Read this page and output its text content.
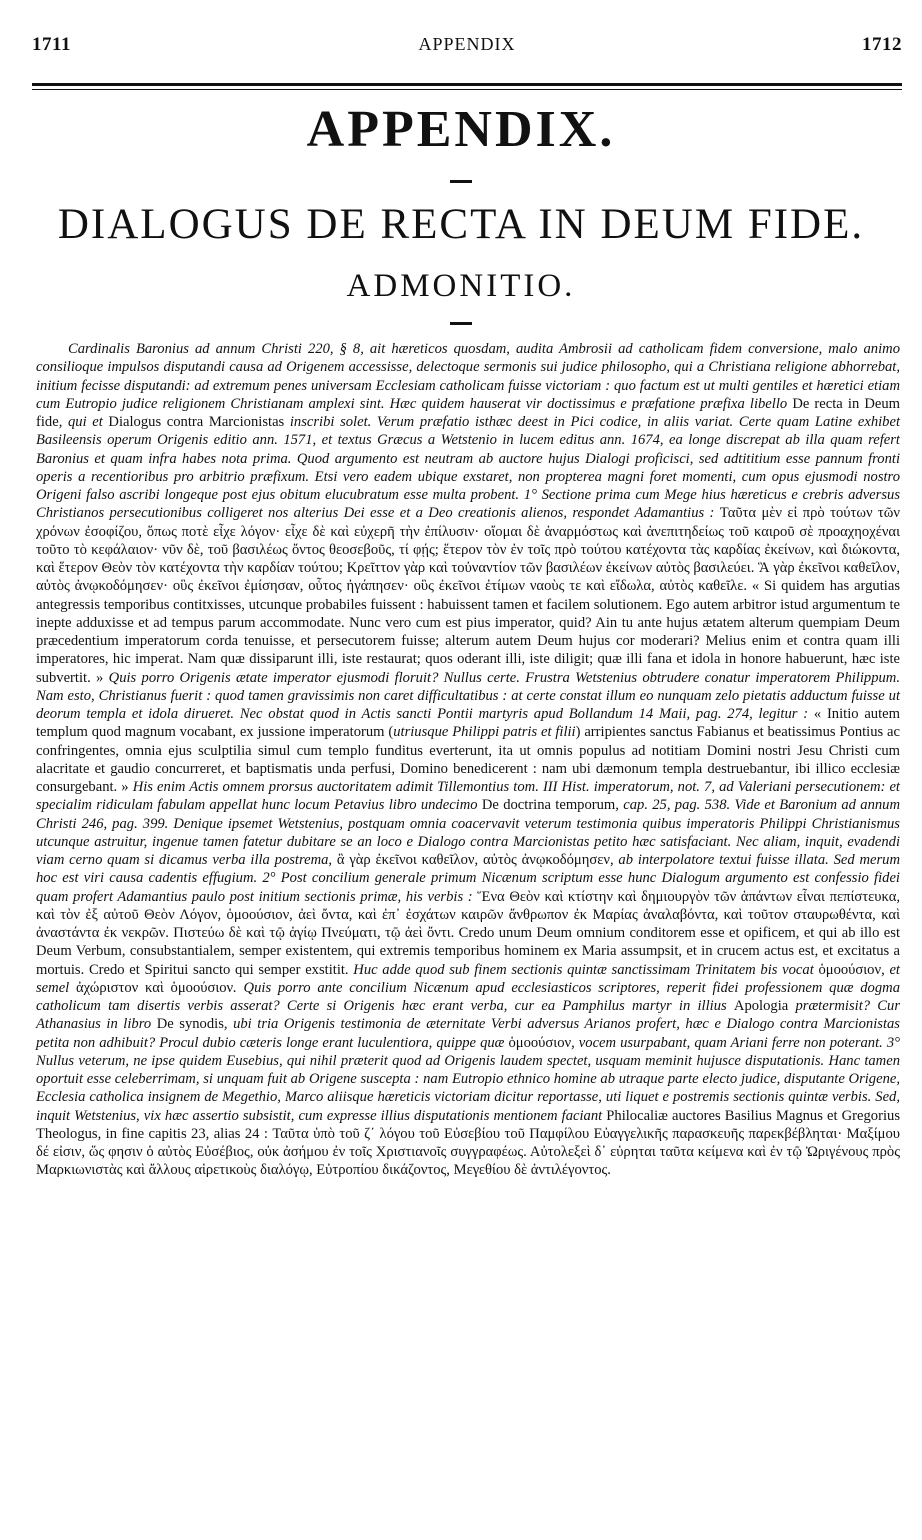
1711	APPENDIX	1712
APPENDIX.
DIALOGUS DE RECTA IN DEUM FIDE.
ADMONITIO.

Cardinalis Baronius ad annum Christi 220, § 8, ait hæreticos quosdam, audita Ambrosii ad catholicam fidem conversione, malo animo consilioque impulsos disputandi causa ad Origenem accessisse, delectoque sermonis sui judice philosopho, qui a Christiana religione abhorrebat, initium fecisse disputandi: ad extremum penes universam Ecclesiam catholicam fuisse victoriam : quo factum est ut multi gentiles et hæretici etiam cum Eutropio judice religionem Christianam amplexi sint. Hæc quidem hauserat vir doctissimus e præfatione præfixa libello De recta in Deum fide, qui et Dialogus contra Marcionistas inscribi solet. Verum præfatio isthæc deest in Pici codice, in aliis variat. Certe quam Latine exhibet Basileensis operum Origenis editio ann. 1571, et textus Græcus a Wetstenio in lucem editus ann. 1674, ea longe discrepat ab illa quam refert Baronius et quam infra habes nota prima. Quod argumento est neutram ab auctore hujus Dialogi proficisci, sed adtititium esse pannum fronti operis a recentioribus pro arbitrio præfixum. Etsi vero eadem ubique exstaret, non propterea magni foret momenti, cum opus ejusmodi nostro Origeni falso ascribi longeque post ejus obitum elucubratum esse multa probent. 1° Sectione prima cum Mege hius hæreticus e crebris adversus Christianos persecutionibus colligeret nos alterius Dei esse et a Deo creationis alienos, respondet Adamantius : Ταῦτα μὲν εἰ πρὸ τούτων τῶν χρόνων ἐσοφίζου, ὅπως ποτὲ εἶχε λόγον· εἶχε δὲ καὶ εὐχερῆ τὴν ἐπίλυσιν· οἴομαι δὲ ἀναρμόστως καὶ ἀνεπιτηδείως τοῦ καιροῦ σὲ προαχηοχέναι τοῦτο τὸ κεφάλαιον· νῦν δὲ, τοῦ βασιλέως ὄντος θεοσεβοῦς, τί φῄς; ἕτερον τὸν ἐν τοῖς πρὸ τούτου κατέχοντα τὰς καρδίας ἐκείνων, καὶ διώκοντα, καὶ ἕτερον Θεὸν τὸν κατέχοντα τὴν καρδίαν τούτου; Κρεῖττον γὰρ καὶ τοὐναντίον τῶν βασιλέων ἐκείνων αὐτὸς βασιλεύει. Ἃ γὰρ ἐκεῖνοι καθεῖλον, αὐτὸς ἀνῳκοδόμησεν· οὓς ἐκεῖνοι ἐμίσησαν, οὗτος ἠγάπησεν· οὓς ἐκεῖνοι ἐτίμων ναοὺς τε καὶ εἴδωλα, αὐτὸς καθεῖλε. « Si quidem has argutias antegressis temporibus contitxisses, utcunque probabiles fuissent : habuissent tamen et facilem solutionem. Ego autem arbitror istud argumentum te inepte adduxisse et ad tempus parum accommodate. Nunc vero cum est pius imperator, quid? Ain tu ante hujus ætatem alterum quempiam Deum præcedentium imperatorum corda tenuisse, et persecutorem fuisse; alterum autem Deum hujus cor moderari? Melius enim et contra quam illi imperatores, hic imperat. Nam quæ dissiparunt illi, iste restaurat; quos oderant illi, iste diligit; quæ illi fana et idola in honore habuerunt, hæc iste subvertit. » Quis porro Origenis ætate imperator ejusmodi floruit? Nullus certe. Frustra Wetstenius obtrudere conatur imperatorem Philippum. Nam esto, Christianus fuerit : quod tamen gravissimis non caret difficultatibus : at certe constat illum eo nunquam zelo pietatis adductum fuisse ut deorum templa et idola dirueret. Nec obstat quod in Actis sancti Pontii martyris apud Bollandum 14 Maii, pag. 274, legitur : « Initio autem templum quod magnum vocabant, ex jussione imperatorum (utriusque Philippi patris et filii) arripientes sanctus Fabianus et beatissimus Pontius ac confringentes, omnia ejus sculptilia simul cum templo funditus everterunt, ita ut omnis populus ad notitiam Domini nostri Jesu Christi cum alacritate et gaudio concurreret, et baptismatis unda perfusi, Domino benedicerent : nam ubi dæmonum templa destruebantur, ibi illico ecclesiæ consurgebant. » His enim Actis omnem prorsus auctoritatem adimit Tillemontius tom. III Hist. imperatorum, not. 7, ad Valeriani persecutionem: et specialim ridiculam fabulam appellat hunc locum Petavius libro undecimo De doctrina temporum, cap. 25, pag. 538. Vide et Baronium ad annum Christi 246, pag. 399. Denique ipsemet Wetstenius, postquam omnia coacervavit veterum testimonia quibus imperatoris Philippi Christianismus utcunque astruitur, ingenue tamen fatetur dubitare se an loco e Dialogo contra Marcionistas petito hæc satisfaciant. Nec aliam, inquit, evadendi viam cerno quam si dicamus verba illa postrema, ἃ γὰρ ἐκεῖνοι καθεῖλον, αὐτὸς ἀνῳκοδόμησεν, ab interpolatore textui fuisse illata. Sed merum hoc est viri causa cadentis effugium. 2° Post concilium generale primum Nicænum scriptum esse hunc Dialogum argumento est confessio fidei quam profert Adamantius paulo post initium sectionis primæ, his verbis : Ἕνα Θεὸν καὶ κτίστην καὶ δημιουργὸν τῶν ἁπάντων εἶναι πεπίστευκα, καὶ τὸν ἐξ αὐτοῦ Θεὸν Λόγον, ὁμοούσιον, ἀεὶ ὄντα, καὶ ἐπ᾿ ἐσχάτων καιρῶν ἄνθρωπον ἐκ Μαρίας ἀναλαβόντα, καὶ τοῦτον σταυρωθέντα, καὶ ἀναστάντα ἐκ νεκρῶν. Πιστεύω δὲ καὶ τῷ ἁγίῳ Πνεύματι, τῷ ἀεὶ ὄντι. Credo unum Deum omnium conditorem esse et opificem, et qui ab illo est Deum Verbum, consubstantialem, semper existentem, qui extremis temporibus hominem ex Maria assumpsit, et in crucem actus est, et excitatus a mortuis. Credo et Spiritui sancto qui semper exstitit. Huc adde quod sub finem sectionis quintæ sanctissimam Trinitatem bis vocat ὁμοούσιον, et semel ἀχώριστον καὶ ὁμοούσιον. Quis porro ante concilium Nicænum apud ecclesiasticos scriptores, reperit fidei professionem quæ dogma catholicum tam disertis verbis asserat? Certe si Origenis hæc erant verba, cur ea Pamphilus martyr in illius Apologia prætermisit? Cur Athanasius in libro De synodis, ubi tria Origenis testimonia de æternitate Verbi adversus Arianos profert, hæc e Dialogo contra Marcionistas petita non adhibuit? Procul dubio cæteris longe erant luculentiora, quippe quæ ὁμοούσιον, vocem usurpabant, quam Ariani ferre non poterant. 3° Nullus veterum, ne ipse quidem Eusebius, qui nihil præterit quod ad Origenis laudem spectet, usquam meminit hujusce disputationis. Hanc tamen oportuit esse celeberrimam, si unquam fuit ab Origene suscepta : nam Eutropio ethnico homine ab utraque parte electo judice, disputante Origene, Ecclesia catholica insignem de Megethio, Marco aliisque hæreticis victoriam dicitur reportasse, uti liquet e postremis sectionis quintæ verbis. Sed, inquit Wetstenius, vix hæc assertio subsistit, cum expresse illius disputationis mentionem faciant Philocaliæ auctores Basilius Magnus et Gregorius Theologus, in fine capitis 23, alias 24 : Ταῦτα ὑπὸ τοῦ ζ΄ λόγου τοῦ Εὐσεβίου τοῦ Παμφίλου Εὐαγγελικῆς παρασκευῆς παρεκβέβληται· Μαξίμου δέ εἰσιν, ὥς φησιν ὁ αὐτὸς Εὐσέβιος, οὐκ ἀσήμου ἐν τοῖς Χριστιανοῖς συγγραφέως. Αὐτολεξεὶ δ᾿ εὑρηται ταῦτα κείμενα καὶ ἐν τῷ Ὠριγένους πρὸς Μαρκιωνιστὰς καὶ ἄλλους αἱρετικοὺς διαλόγῳ, Εὐτροπίου δικάζοντος, Μεγεθίου δὲ ἀντιλέγοντος.
